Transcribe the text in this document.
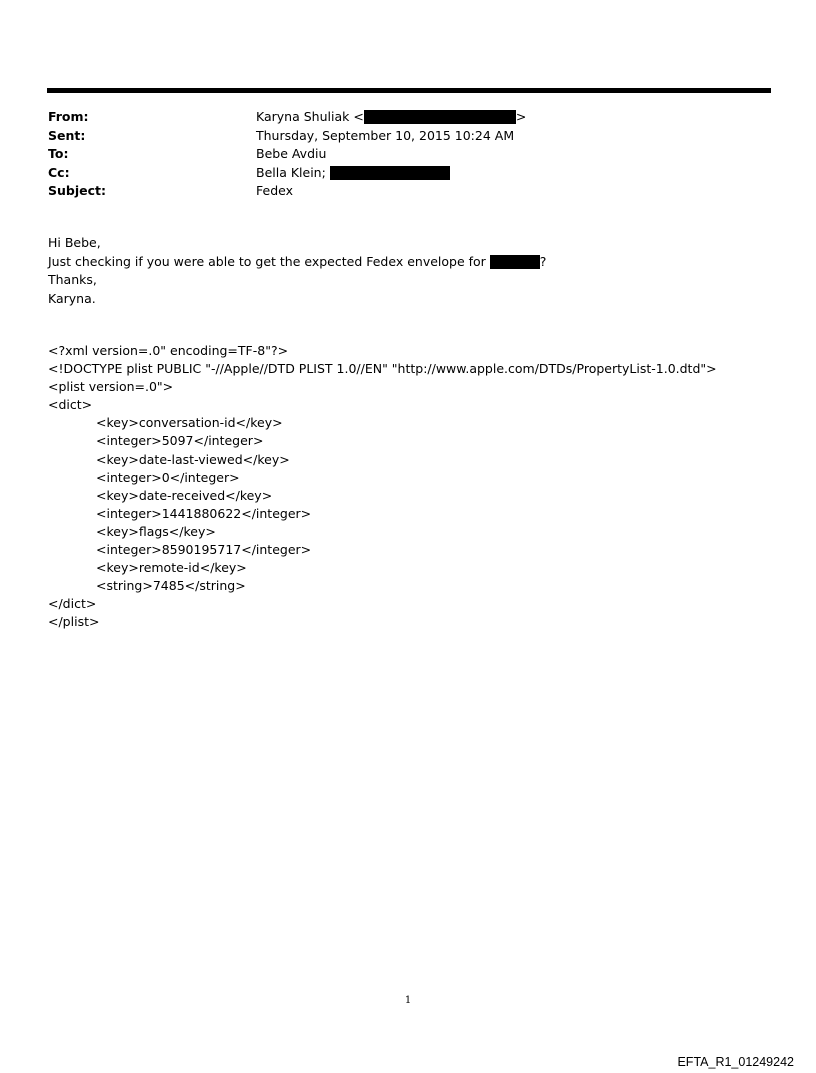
From:	Karyna Shuliak <	>
Sent:	Thursday, September 10, 2015 10:24 AM
To:	Bebe Avdiu
Cc:	Bella Klein;
Subject:	Fedex
Hi Bebe,
Just checking if you were able to get the expected Fedex envelope for	?
Thanks,
Karyna.
<?xml version=.0" encoding=TF-8"?>
<!DOCTYPE plist PUBLIC "-//Apple//DTD PLIST 1.0//EN" "http://www.apple.com/DTDs/PropertyList-1.0.dtd">
<plist version=.0">
<dict>
<key>conversation-id</key>
<integer>5097</integer>
<key>date-last-viewed</key>
<integer>0</integer>
<key>date-received</key>
<integer>1441880622</integer>
<key>flags</key>
<integer>8590195717</integer>
<key>remote-id</key>
<string>7485</string>
</dict>
</plist>
1
EFTA_R1_01249242
